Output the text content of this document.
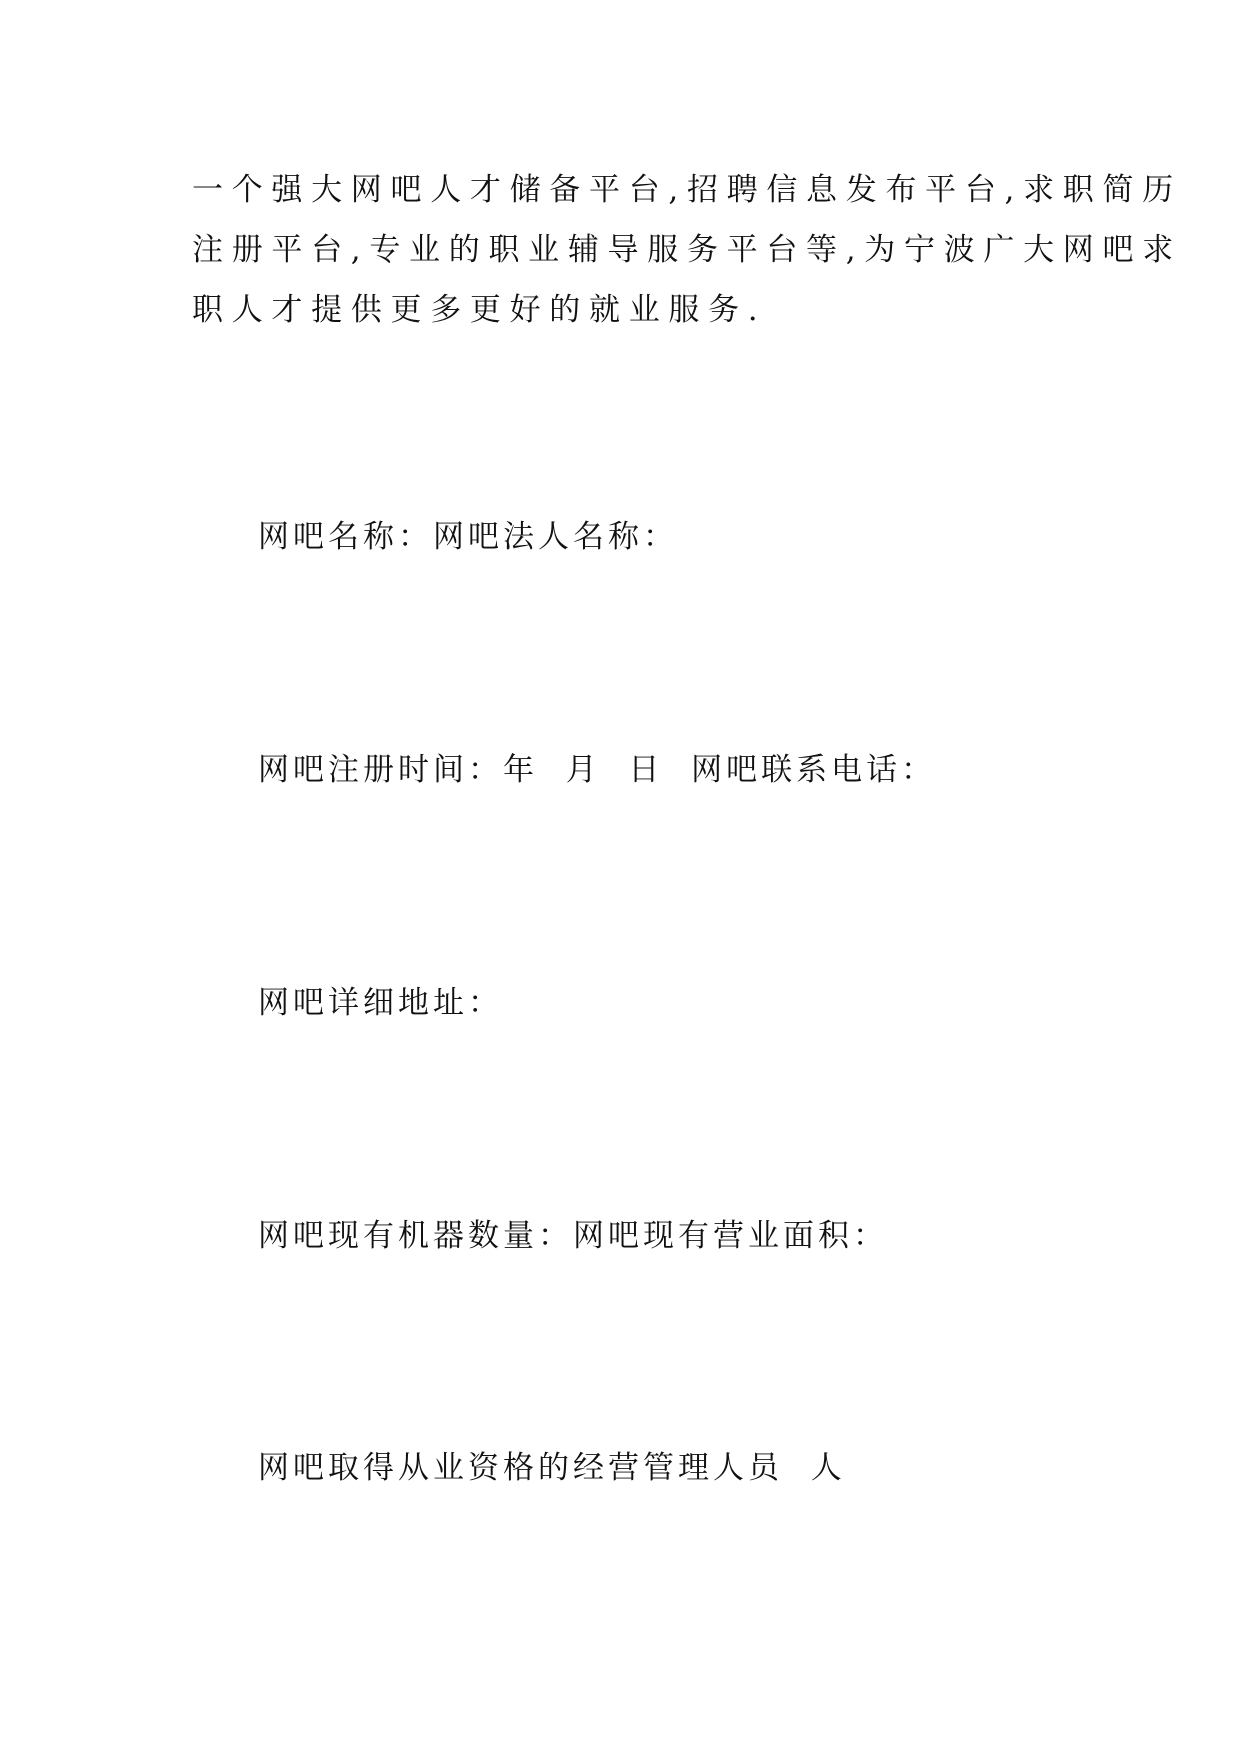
一个强大网吧人才储备平台,招聘信息发布平台,求职简历
注册平台,专业的职业辅导服务平台等,为宁波广大网吧求
职人才提供更多更好的就业服务.

网吧名称：网吧法人名称：

网吧注册时间：年  月  日  网吧联系电话：

网吧详细地址：

网吧现有机器数量：网吧现有营业面积：

网吧取得从业资格的经营管理人员  人
